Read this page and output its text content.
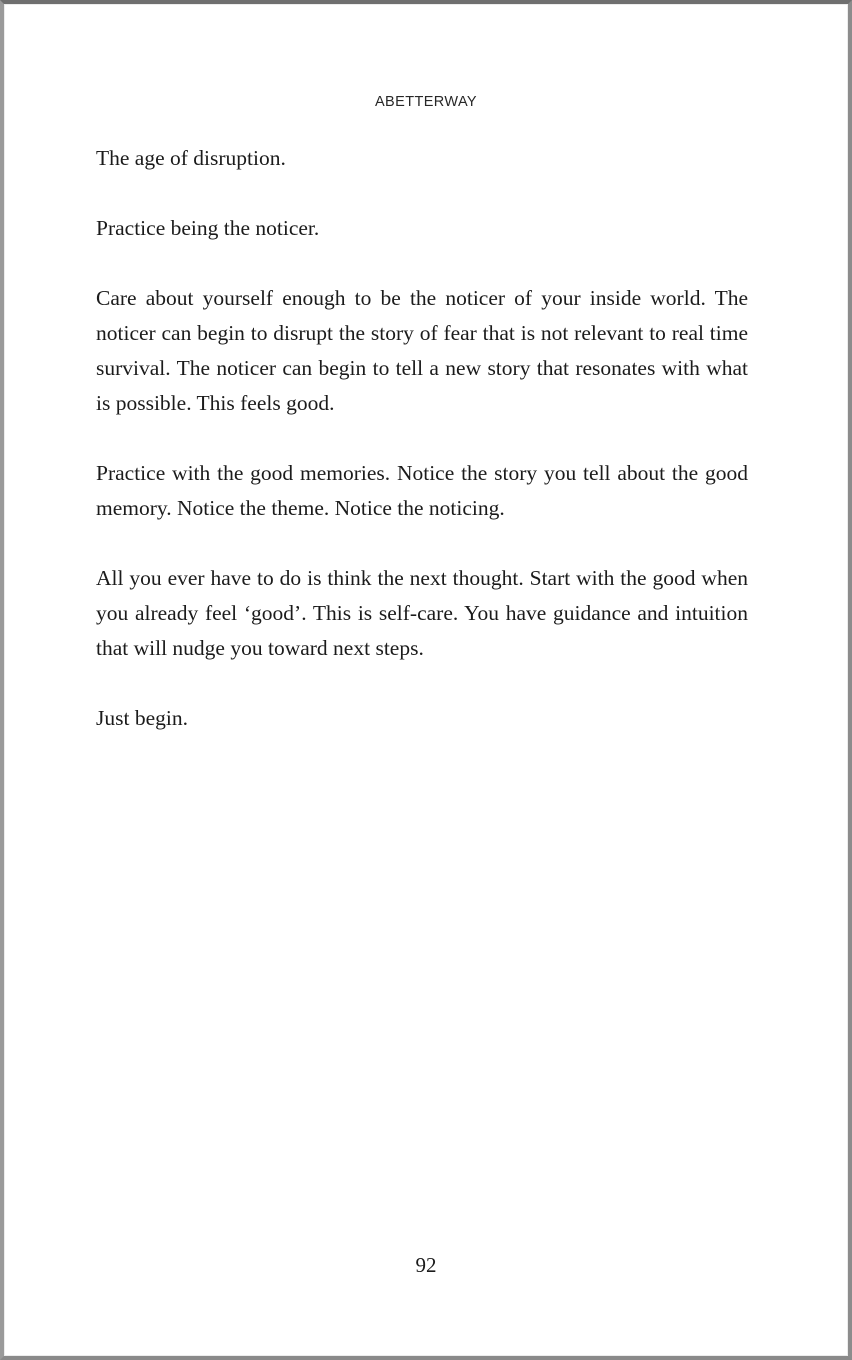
ABETTERWAY

The age of disruption.

Practice being the noticer.

Care about yourself enough to be the noticer of your inside world. The noticer can begin to disrupt the story of fear that is not relevant to real time survival. The noticer can begin to tell a new story that resonates with what is possible. This feels good.

Practice with the good memories. Notice the story you tell about the good memory. Notice the theme. Notice the noticing.

All you ever have to do is think the next thought. Start with the good when you already feel ‘good’. This is self-care. You have guidance and intuition that will nudge you toward next steps.

Just begin.

92
